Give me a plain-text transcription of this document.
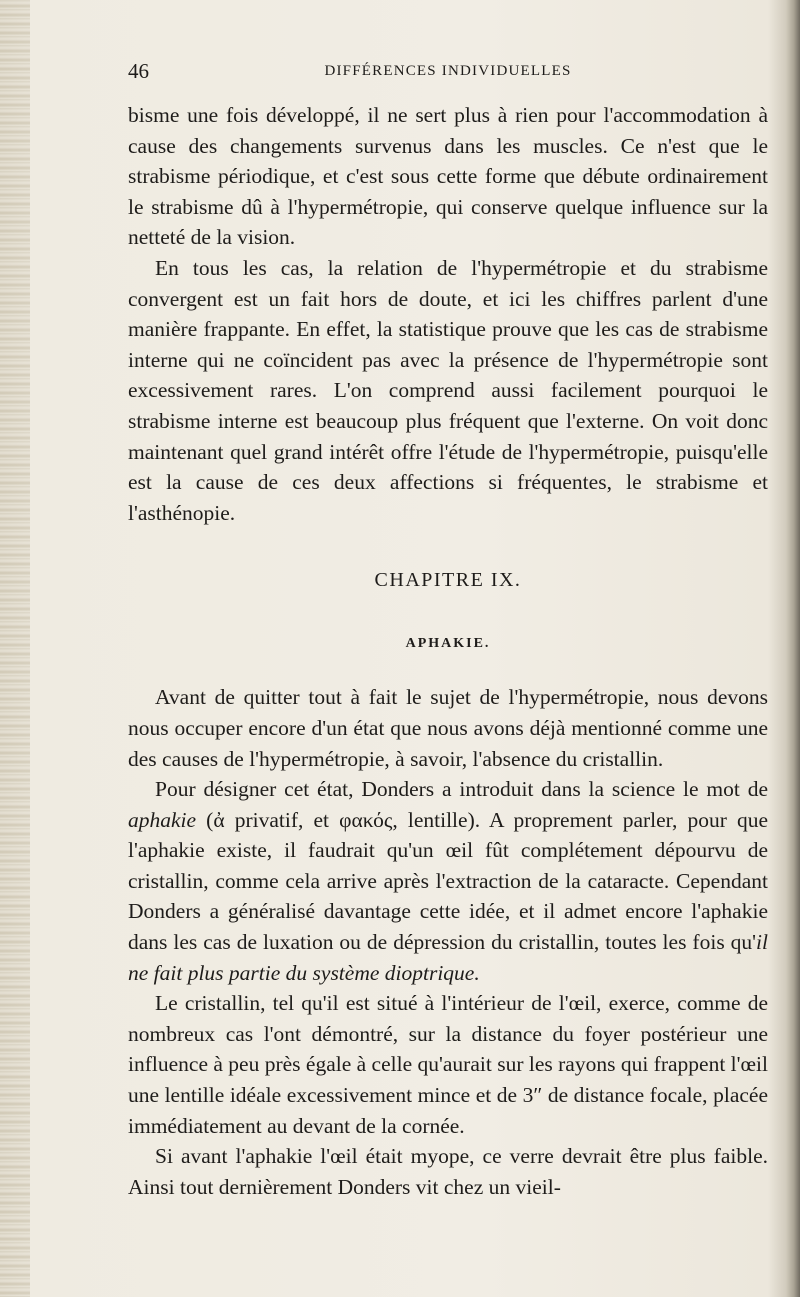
46	DIFFÉRENCES INDIVIDUELLES

bisme une fois développé, il ne sert plus à rien pour l'accommodation à cause des changements survenus dans les muscles. Ce n'est que le strabisme périodique, et c'est sous cette forme que débute ordinairement le strabisme dû à l'hypermétropie, qui conserve quelque influence sur la netteté de la vision.

En tous les cas, la relation de l'hypermétropie et du strabisme convergent est un fait hors de doute, et ici les chiffres parlent d'une manière frappante. En effet, la statistique prouve que les cas de strabisme interne qui ne coïncident pas avec la présence de l'hypermétropie sont excessivement rares. L'on comprend aussi facilement pourquoi le strabisme interne est beaucoup plus fréquent que l'externe. On voit donc maintenant quel grand intérêt offre l'étude de l'hypermétropie, puisqu'elle est la cause de ces deux affections si fréquentes, le strabisme et l'asthénopie.

CHAPITRE IX.
APHAKIE.

Avant de quitter tout à fait le sujet de l'hypermétropie, nous devons nous occuper encore d'un état que nous avons déjà mentionné comme une des causes de l'hypermétropie, à savoir, l'absence du cristallin.

Pour désigner cet état, Donders a introduit dans la science le mot de aphakie (ἀ privatif, et φακός, lentille). A proprement parler, pour que l'aphakie existe, il faudrait qu'un œil fût complétement dépourvu de cristallin, comme cela arrive après l'extraction de la cataracte. Cependant Donders a généralisé davantage cette idée, et il admet encore l'aphakie dans les cas de luxation ou de dépression du cristallin, toutes les fois qu'il ne fait plus partie du système dioptrique.

Le cristallin, tel qu'il est situé à l'intérieur de l'œil, exerce, comme de nombreux cas l'ont démontré, sur la distance du foyer postérieur une influence à peu près égale à celle qu'aurait sur les rayons qui frappent l'œil une lentille idéale excessivement mince et de 3″ de distance focale, placée immédiatement au devant de la cornée.

Si avant l'aphakie l'œil était myope, ce verre devrait être plus faible. Ainsi tout dernièrement Donders vit chez un vieil-
